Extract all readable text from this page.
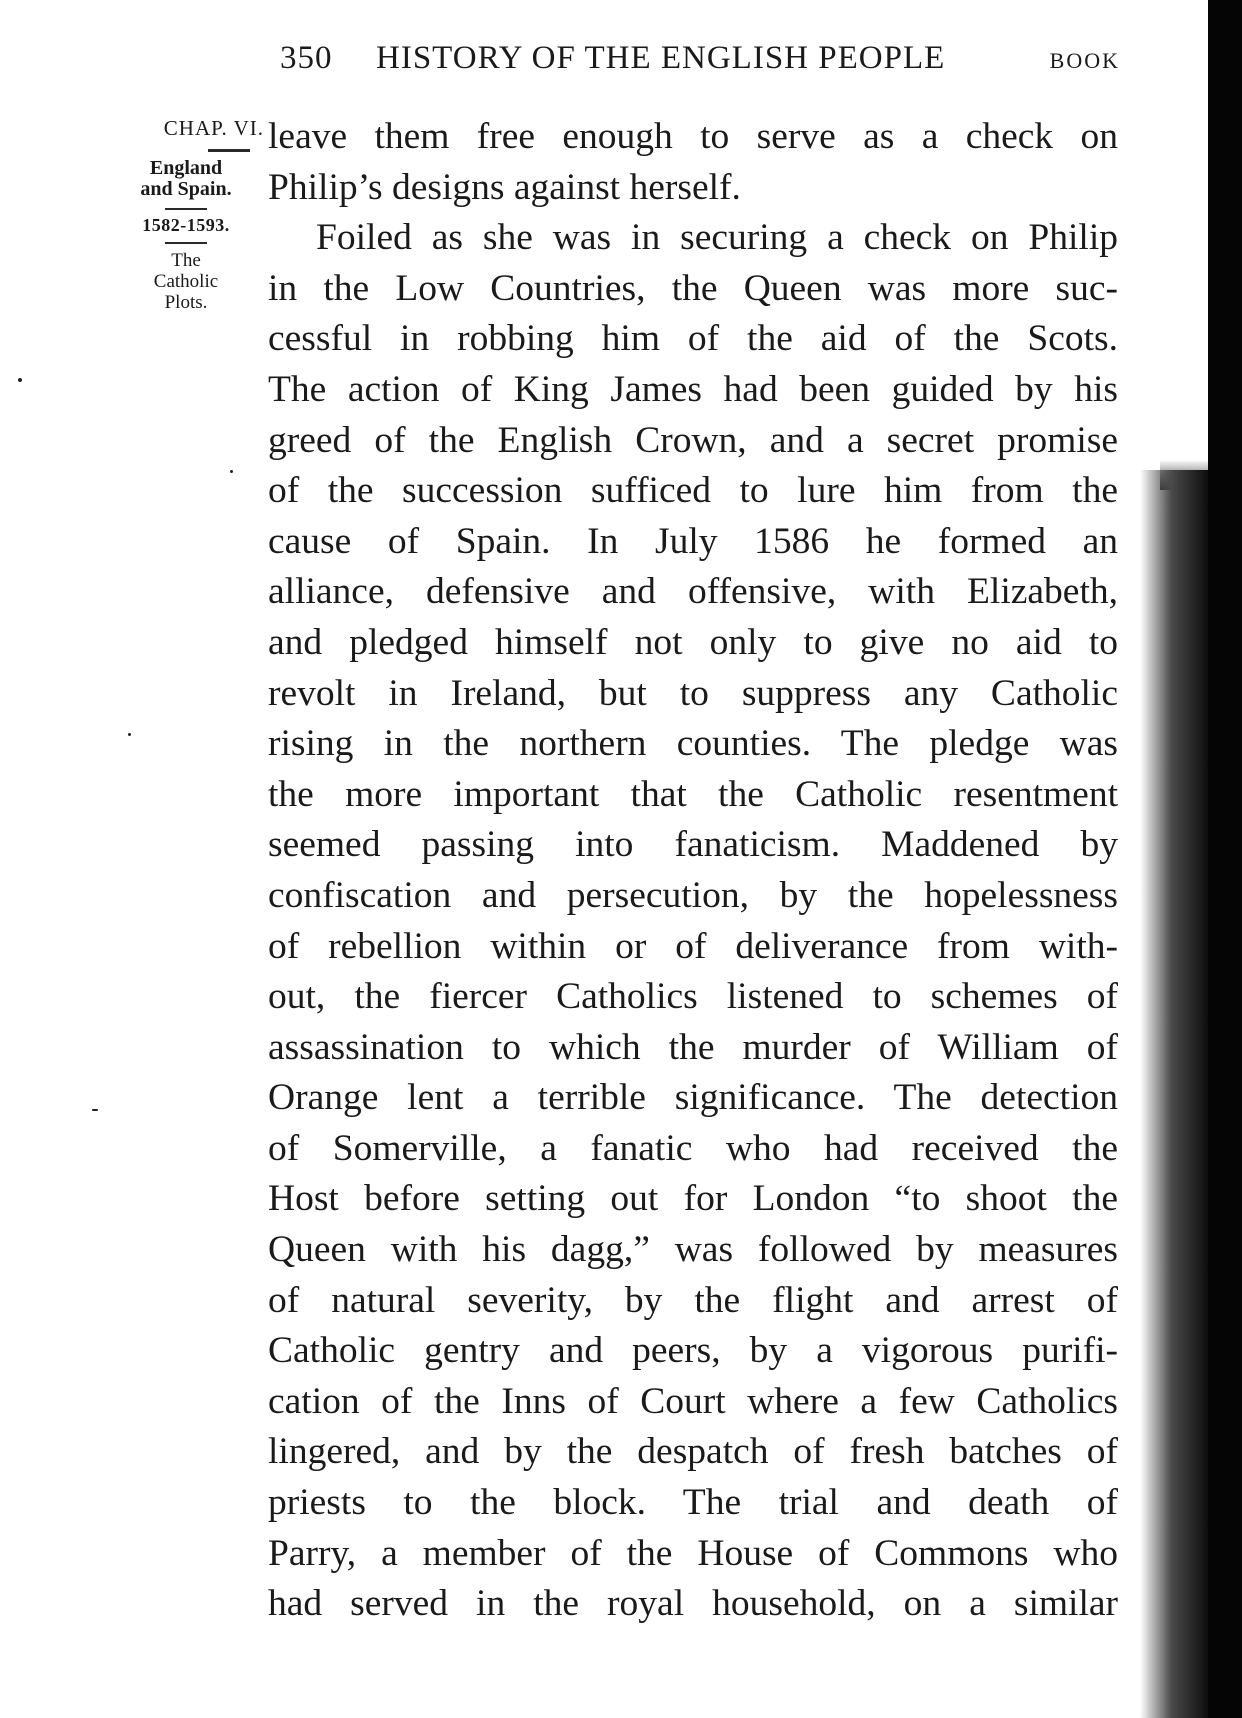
350 HISTORY OF THE ENGLISH PEOPLE	BOOK
CHAP. VI.
England
and Spain.
1582-1593.
The
Catholic
Plots.
leave them free enough to serve as a check on
Philip’s designs against herself.
Foiled as she was in securing a check on Philip
in the Low Countries, the Queen was more suc-
cessful in robbing him of the aid of the Scots.
The action of King James had been guided by his
greed of the English Crown, and a secret promise
of the succession sufficed to lure him from the
cause of Spain. In July 1586 he formed an
alliance, defensive and offensive, with Elizabeth,
and pledged himself not only to give no aid to
revolt in Ireland, but to suppress any Catholic
rising in the northern counties. The pledge was
the more important that the Catholic resentment
seemed passing into fanaticism. Maddened by
confiscation and persecution, by the hopelessness
of rebellion within or of deliverance from with-
out, the fiercer Catholics listened to schemes of
assassination to which the murder of William of
Orange lent a terrible significance. The detection
of Somerville, a fanatic who had received the
Host before setting out for London “to shoot the
Queen with his dagg,” was followed by measures
of natural severity, by the flight and arrest of
Catholic gentry and peers, by a vigorous purifi-
cation of the Inns of Court where a few Catholics
lingered, and by the despatch of fresh batches of
priests to the block. The trial and death of
Parry, a member of the House of Commons who
had served in the royal household, on a similar
